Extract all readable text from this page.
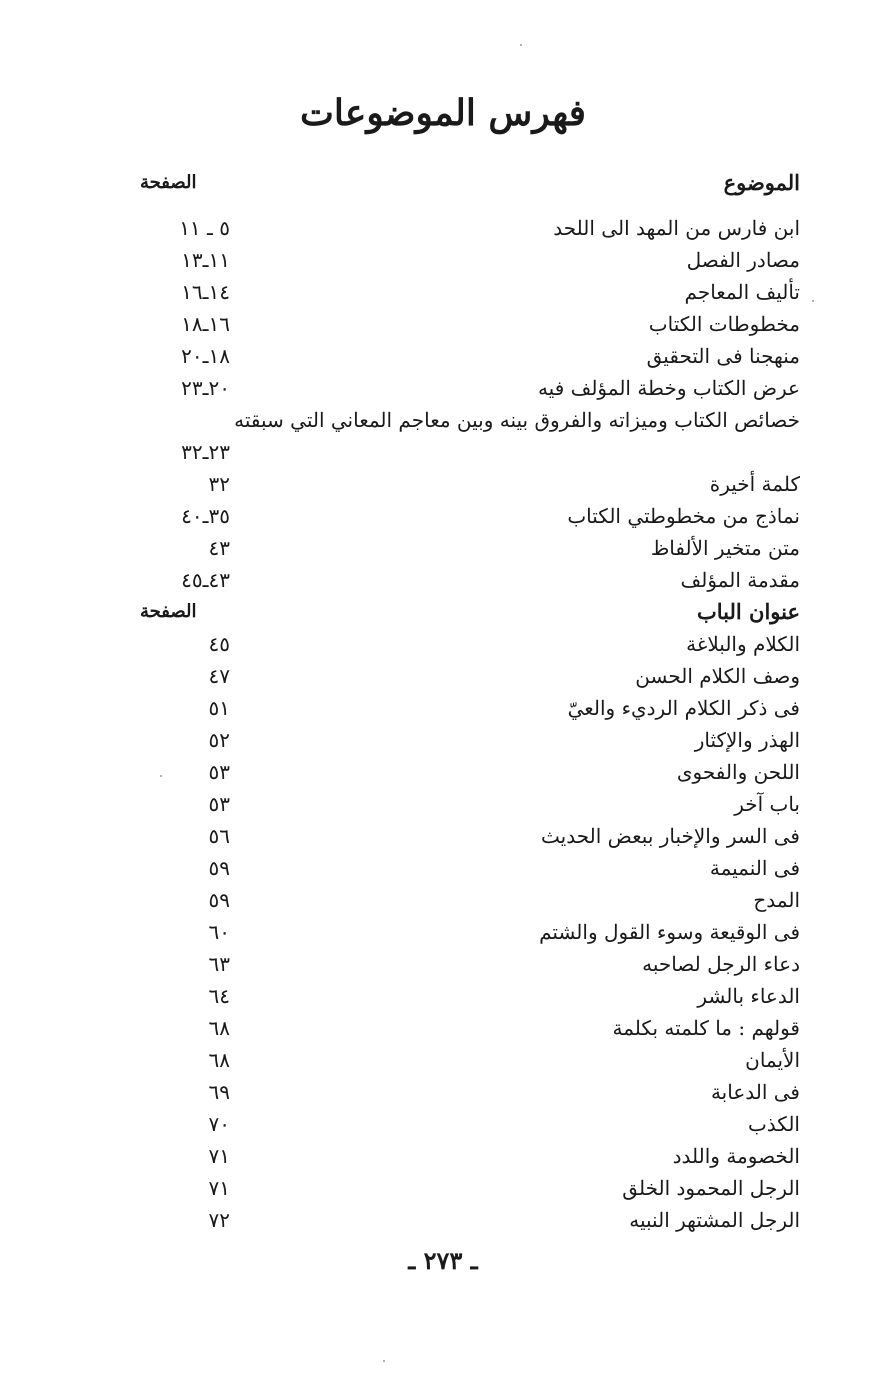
فهرس الموضوعات
الموضوع
الصفحة
ابن فارس من المهد الى اللحد
٥ ـ ١١
مصادر الفصل
١١ـ١٣
تأليف المعاجم
١٤ـ١٦
مخطوطات الكتاب
١٦ـ١٨
منهجنا فى التحقيق
١٨ـ٢٠
عرض الكتاب وخطة المؤلف فيه
٢٠ـ٢٣
خصائص الكتاب وميزاته والفروق بينه وبين معاجم المعاني التي سبقته
٢٣ـ٣٢
كلمة أخيرة
٣٢
نماذج من مخطوطتي الكتاب
٣٥ـ٤٠
متن متخير الألفاظ
٤٣
مقدمة المؤلف
٤٣ـ٤٥
عنوان الباب
الصفحة
الكلام والبلاغة
٤٥
وصف الكلام الحسن
٤٧
فى ذكر الكلام الرديء والعيّ
٥١
الهذر والإكثار
٥٢
اللحن والفحوى
٥٣
باب آخر
٥٣
فى السر والإخبار ببعض الحديث
٥٦
فى النميمة
٥٩
المدح
٥٩
فى الوقيعة وسوء القول والشتم
٦٠
دعاء الرجل لصاحبه
٦٣
الدعاء بالشر
٦٤
قولهم : ما كلمته بكلمة
٦٨
الأيمان
٦٨
فى الدعابة
٦٩
الكذب
٧٠
الخصومة واللدد
٧١
الرجل المحمود الخلق
٧١
الرجل المشتهر النبيه
٧٢
ـ ٢٧٣ ـ
